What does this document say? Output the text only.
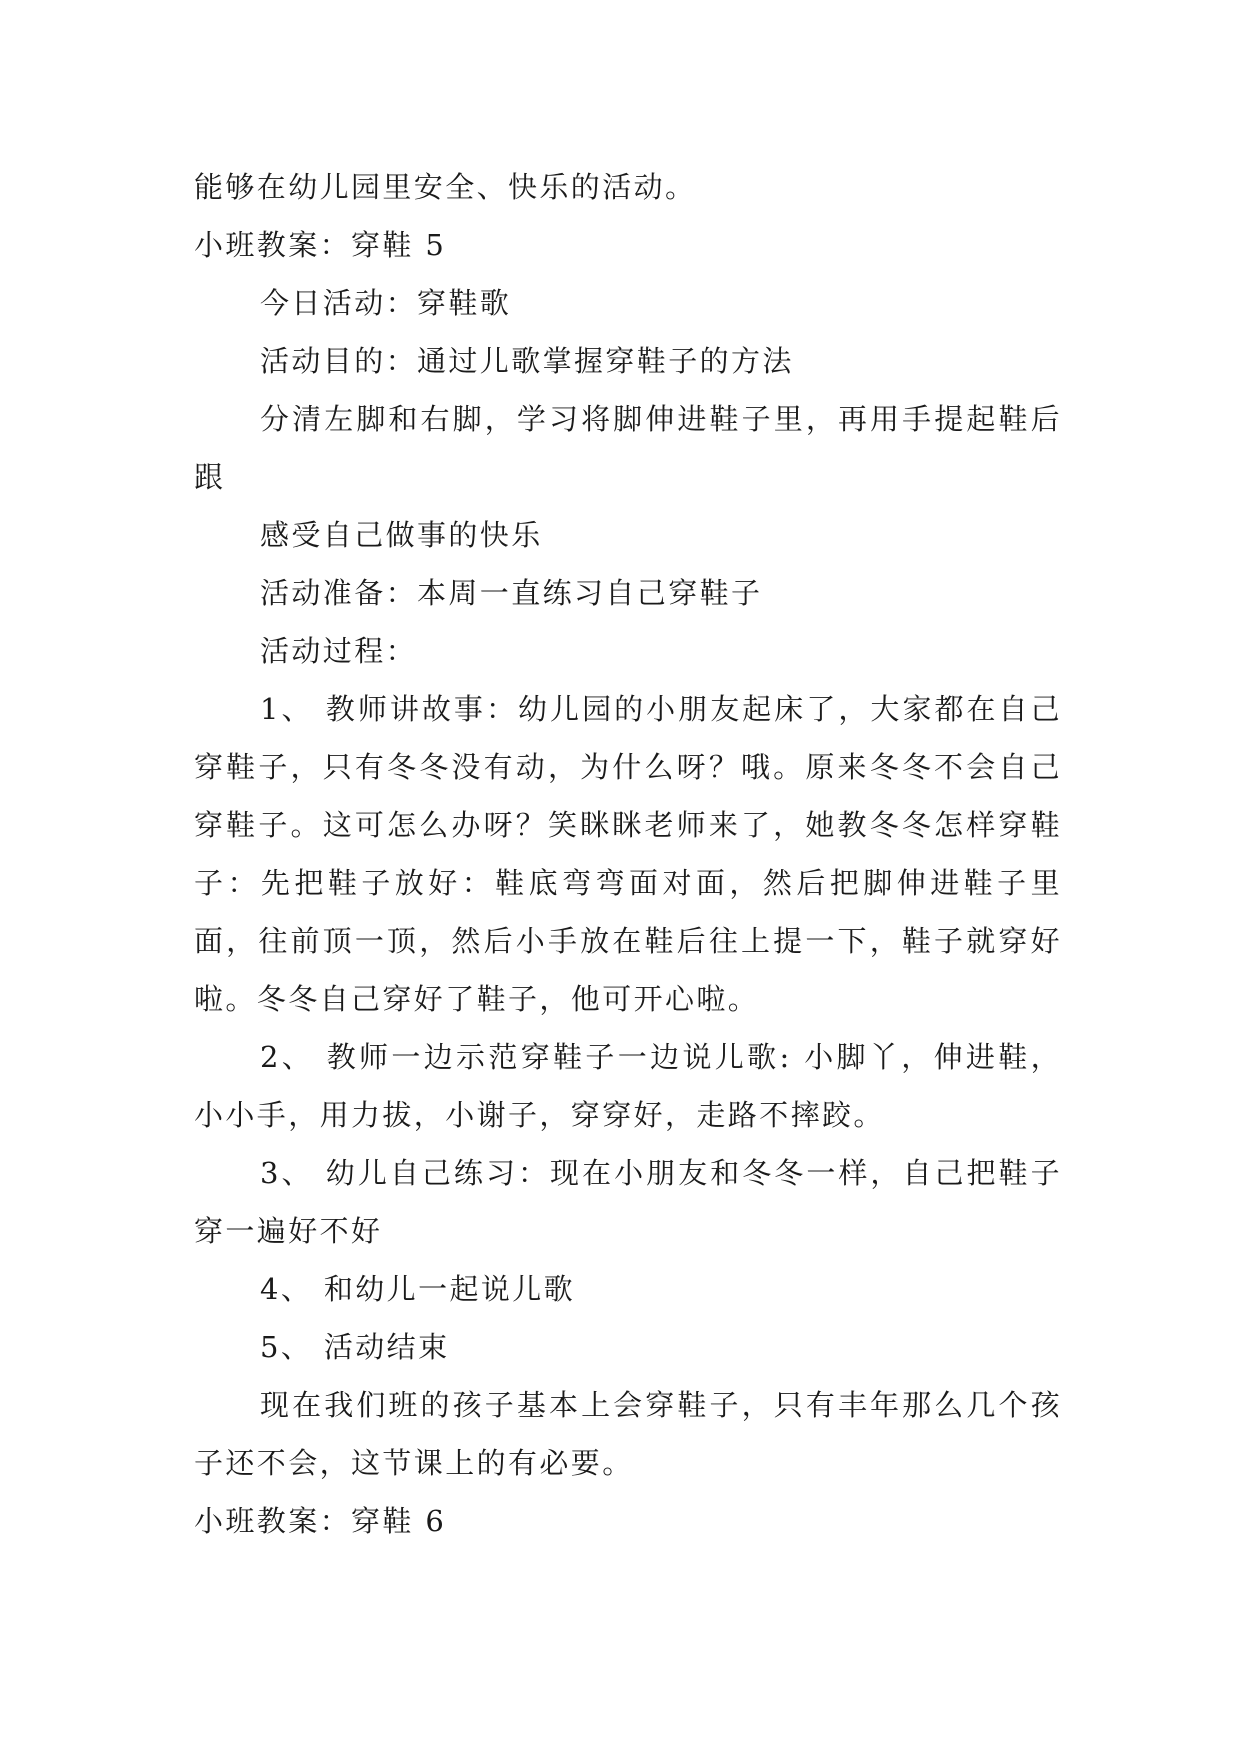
能够在幼儿园里安全、快乐的活动。

小班教案：穿鞋 5

今日活动：穿鞋歌

活动目的：通过儿歌掌握穿鞋子的方法

分清左脚和右脚，学习将脚伸进鞋子里，再用手提起鞋后跟

感受自己做事的快乐

活动准备：本周一直练习自己穿鞋子

活动过程：

1、 教师讲故事：幼儿园的小朋友起床了，大家都在自己穿鞋子，只有冬冬没有动，为什么呀？哦。原来冬冬不会自己穿鞋子。这可怎么办呀？笑眯眯老师来了，她教冬冬怎样穿鞋子：先把鞋子放好：鞋底弯弯面对面，然后把脚伸进鞋子里面，往前顶一顶，然后小手放在鞋后往上提一下，鞋子就穿好啦。冬冬自己穿好了鞋子，他可开心啦。

2、 教师一边示范穿鞋子一边说儿歌: 小脚丫，伸进鞋，小小手，用力拔，小谢子，穿穿好，走路不摔跤。

3、 幼儿自己练习：现在小朋友和冬冬一样，自己把鞋子穿一遍好不好

4、 和幼儿一起说儿歌

5、 活动结束

现在我们班的孩子基本上会穿鞋子，只有丰年那么几个孩子还不会，这节课上的有必要。

小班教案：穿鞋 6
